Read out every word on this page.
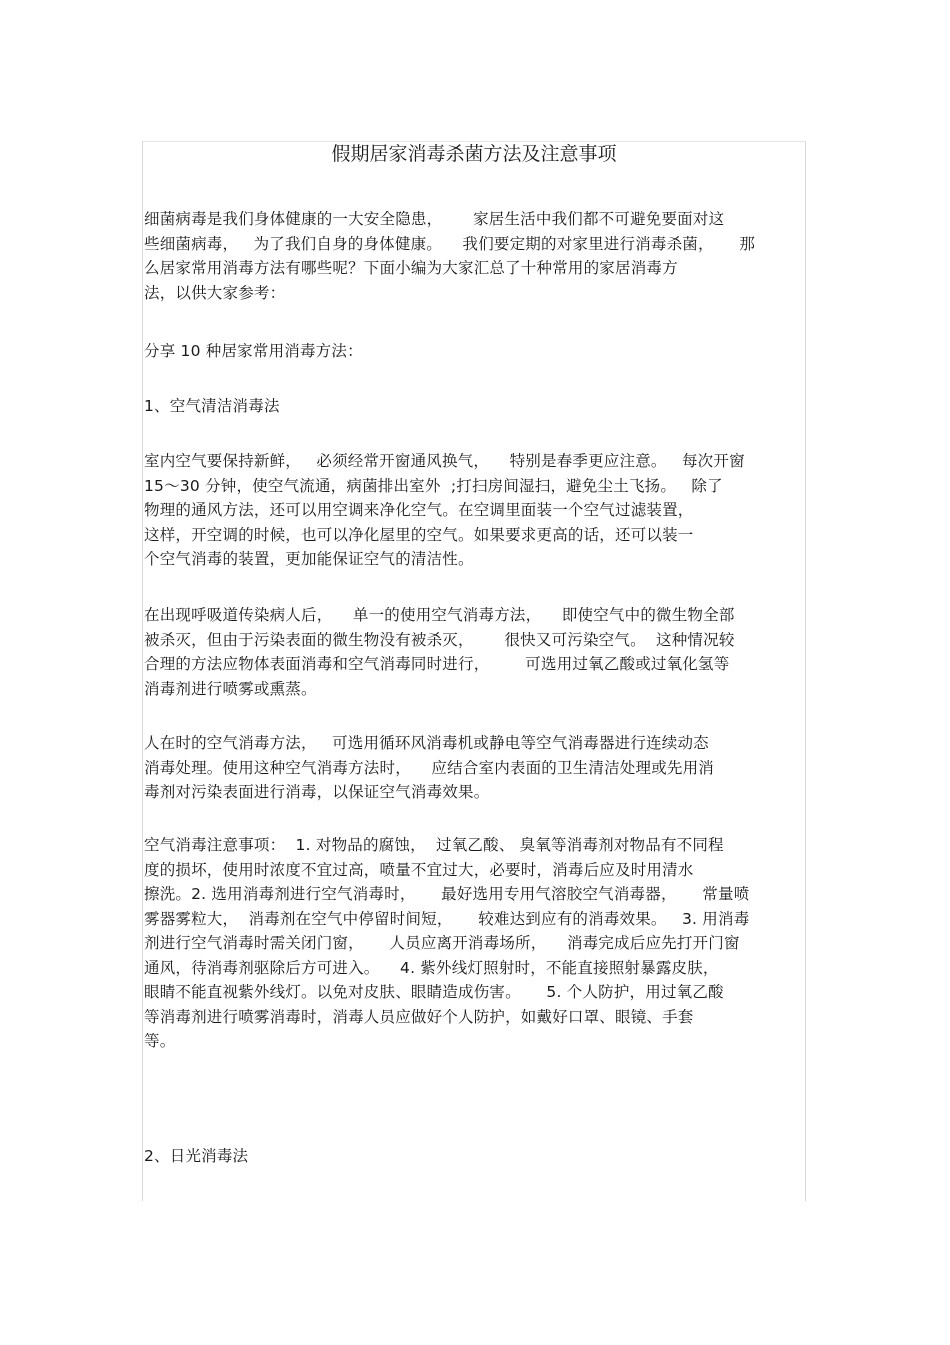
假期居家消毒杀菌方法及注意事项
细菌病毒是我们身体健康的一大安全隐患，      家居生活中我们都不可避免要面对这
些细菌病毒，   为了我们自身的身体健康。    我们要定期的对家里进行消毒杀菌，     那
么居家常用消毒方法有哪些呢？下面小编为大家汇总了十种常用的家居消毒方
法，以供大家参考：
分享 10 种居家常用消毒方法：
1、空气清洁消毒法
室内空气要保持新鲜，   必须经常开窗通风换气，    特别是春季更应注意。   每次开窗
15～30 分钟，使空气流通，病菌排出室外  ;打扫房间湿扫，避免尘土飞扬。   除了
物理的通风方法，还可以用空调来净化空气。在空调里面装一个空气过滤装置，
这样，开空调的时候，也可以净化屋里的空气。如果要求更高的话，还可以装一
个空气消毒的装置，更加能保证空气的清洁性。
在出现呼吸道传染病人后，    单一的使用空气消毒方法，    即使空气中的微生物全部
被杀灭，但由于污染表面的微生物没有被杀灭，      很快又可污染空气。  这种情况较
合理的方法应物体表面消毒和空气消毒同时进行，       可选用过氧乙酸或过氧化氢等
消毒剂进行喷雾或熏蒸。
人在时的空气消毒方法，   可选用循环风消毒机或静电等空气消毒器进行连续动态
消毒处理。使用这种空气消毒方法时，    应结合室内表面的卫生清洁处理或先用消
毒剂对污染表面进行消毒，以保证空气消毒效果。
空气消毒注意事项：  1. 对物品的腐蚀，  过氧乙酸、 臭氧等消毒剂对物品有不同程
度的损坏，使用时浓度不宜过高，喷量不宜过大，必要时，消毒后应及时用清水
擦洗。2. 选用消毒剂进行空气消毒时，     最好选用专用气溶胶空气消毒器，     常量喷
雾器雾粒大，  消毒剂在空气中停留时间短，     较难达到应有的消毒效果。   3. 用消毒
剂进行空气消毒时需关闭门窗，     人员应离开消毒场所，    消毒完成后应先打开门窗
通风，待消毒剂驱除后方可进入。    4. 紫外线灯照射时，不能直接照射暴露皮肤，
眼睛不能直视紫外线灯。以免对皮肤、眼睛造成伤害。     5. 个人防护，用过氧乙酸
等消毒剂进行喷雾消毒时，消毒人员应做好个人防护，如戴好口罩、眼镜、手套
等。
2、日光消毒法
